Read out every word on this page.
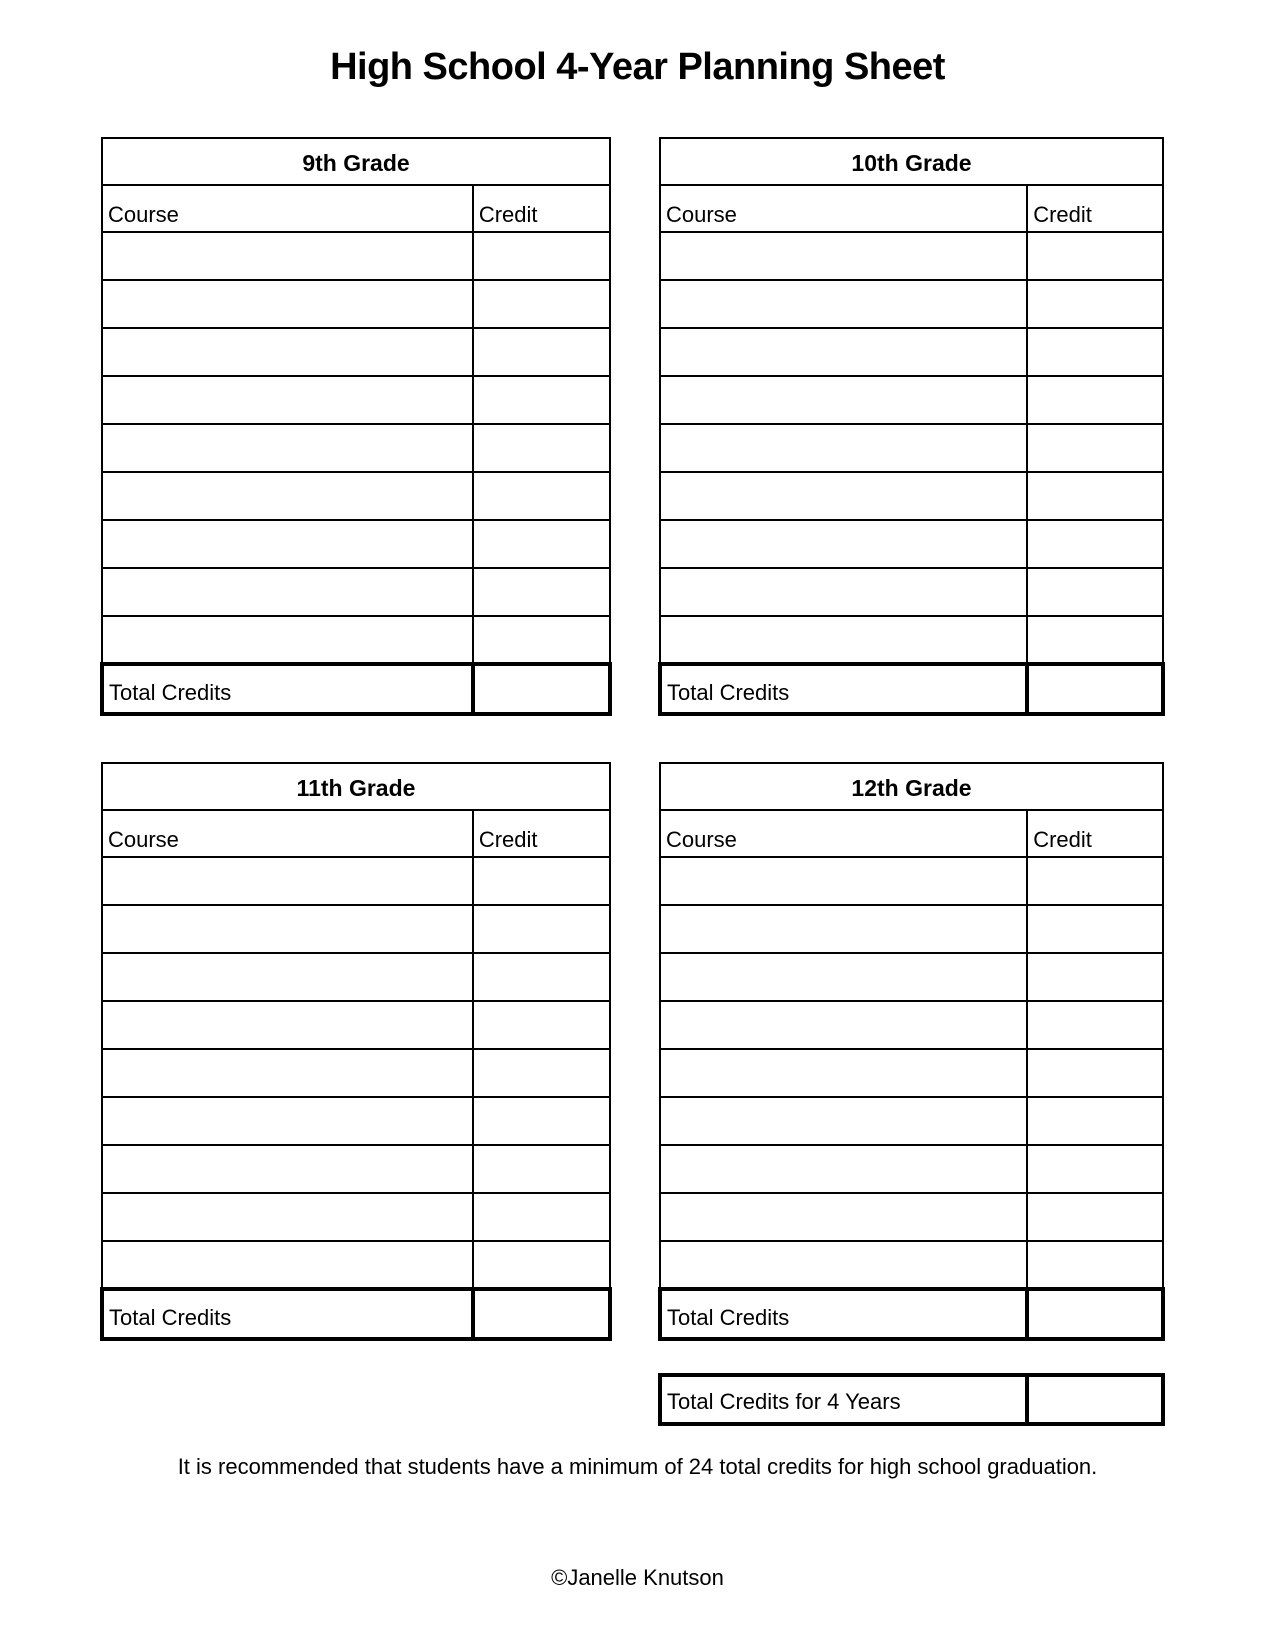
High School 4-Year Planning Sheet
9th Grade	
Course	Credit

Total Credits	
10th Grade	
Course	Credit

Total Credits	
11th Grade	
Course	Credit

Total Credits	
12th Grade	
Course	Credit

Total Credits	
Total Credits for 4 Years	

It is recommended that students have a minimum of 24 total credits for high school graduation.

©Janelle Knutson
